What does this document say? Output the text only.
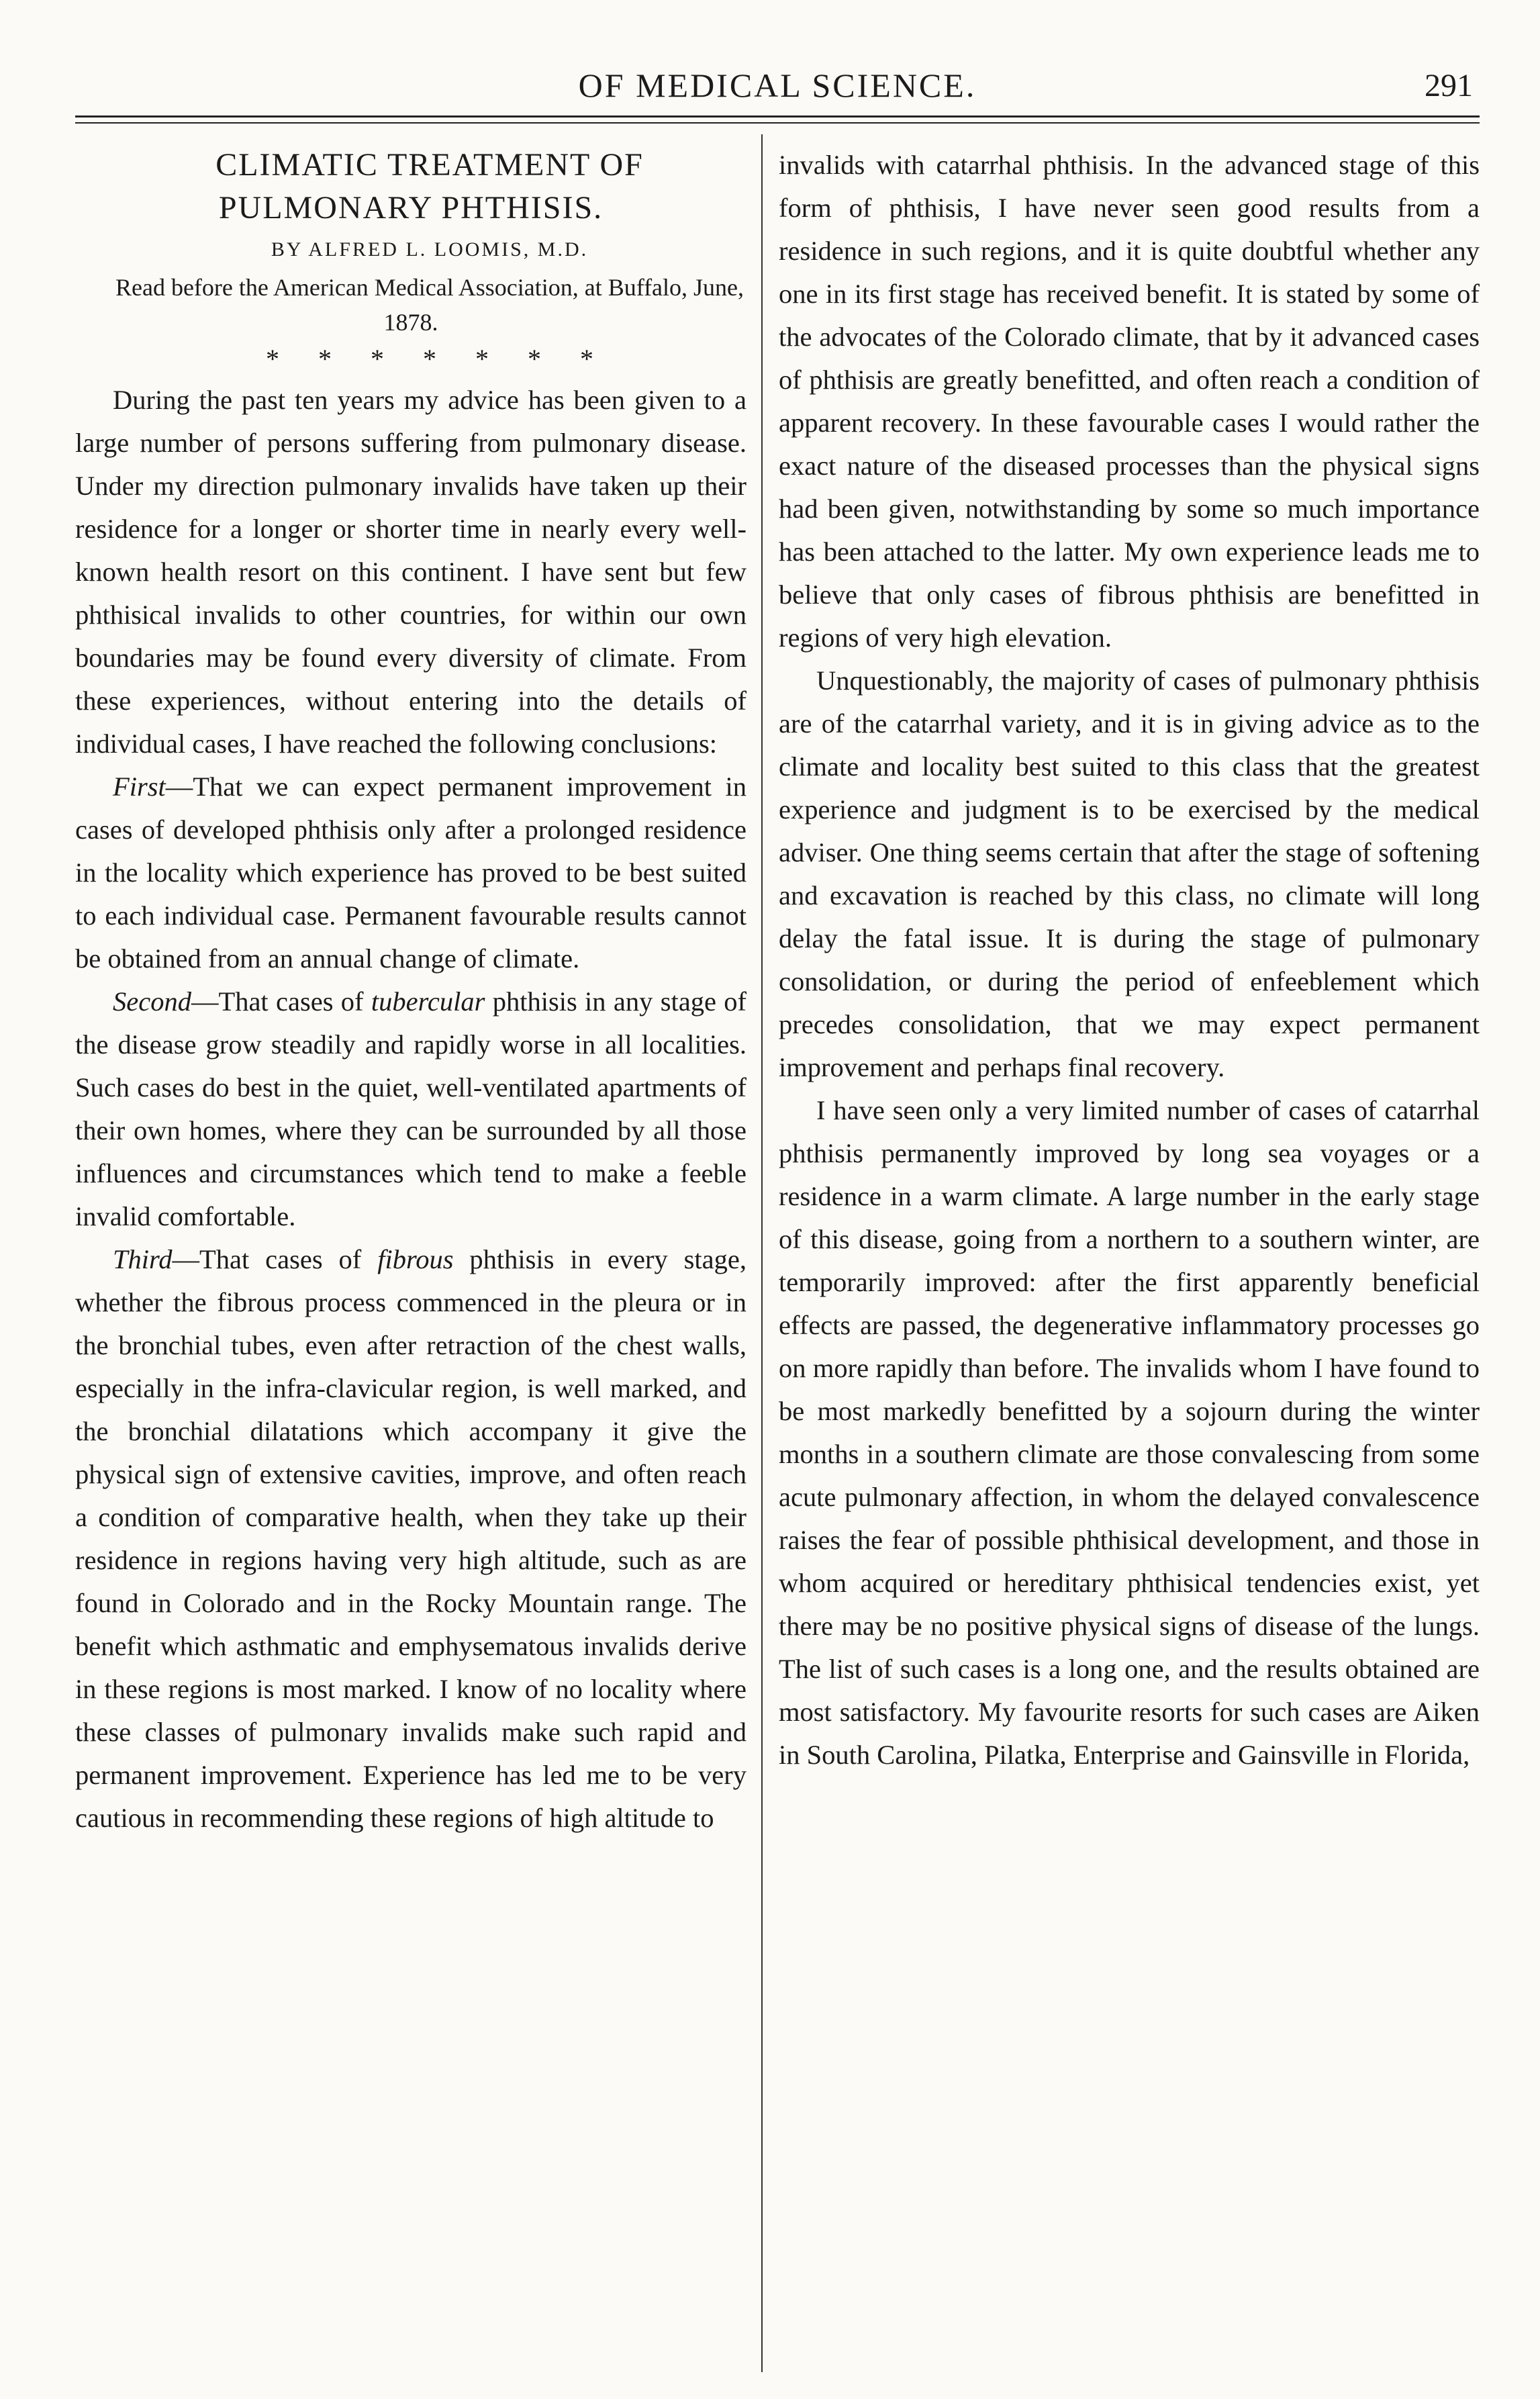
OF MEDICAL SCIENCE.	291

CLIMATIC TREATMENT OF PULMONARY PHTHISIS.

BY ALFRED L. LOOMIS, M.D.

Read before the American Medical Association, at Buffalo, June, 1878.

* * * * * * *

During the past ten years my advice has been given to a large number of persons suffering from pulmonary disease. Under my direction pulmonary invalids have taken up their residence for a longer or shorter time in nearly every well-known health resort on this continent. I have sent but few phthisical invalids to other countries, for within our own boundaries may be found every diversity of climate. From these experiences, without entering into the details of individual cases, I have reached the following conclusions:

First—That we can expect permanent improvement in cases of developed phthisis only after a prolonged residence in the locality which experience has proved to be best suited to each individual case. Permanent favourable results cannot be obtained from an annual change of climate.

Second—That cases of tubercular phthisis in any stage of the disease grow steadily and rapidly worse in all localities. Such cases do best in the quiet, well-ventilated apartments of their own homes, where they can be surrounded by all those influences and circumstances which tend to make a feeble invalid comfortable.

Third—That cases of fibrous phthisis in every stage, whether the fibrous process commenced in the pleura or in the bronchial tubes, even after retraction of the chest walls, especially in the infra-clavicular region, is well marked, and the bronchial dilatations which accompany it give the physical sign of extensive cavities, improve, and often reach a condition of comparative health, when they take up their residence in regions having very high altitude, such as are found in Colorado and in the Rocky Mountain range. The benefit which asthmatic and emphysematous invalids derive in these regions is most marked. I know of no locality where these classes of pulmonary invalids make such rapid and permanent improvement. Experience has led me to be very cautious in recommending these regions of high altitude to

invalids with catarrhal phthisis. In the advanced stage of this form of phthisis, I have never seen good results from a residence in such regions, and it is quite doubtful whether any one in its first stage has received benefit. It is stated by some of the advocates of the Colorado climate, that by it advanced cases of phthisis are greatly benefitted, and often reach a condition of apparent recovery. In these favourable cases I would rather the exact nature of the diseased processes than the physical signs had been given, notwithstanding by some so much importance has been attached to the latter. My own experience leads me to believe that only cases of fibrous phthisis are benefitted in regions of very high elevation.

Unquestionably, the majority of cases of pulmonary phthisis are of the catarrhal variety, and it is in giving advice as to the climate and locality best suited to this class that the greatest experience and judgment is to be exercised by the medical adviser. One thing seems certain that after the stage of softening and excavation is reached by this class, no climate will long delay the fatal issue. It is during the stage of pulmonary consolidation, or during the period of enfeeblement which precedes consolidation, that we may expect permanent improvement and perhaps final recovery.

I have seen only a very limited number of cases of catarrhal phthisis permanently improved by long sea voyages or a residence in a warm climate. A large number in the early stage of this disease, going from a northern to a southern winter, are temporarily improved: after the first apparently beneficial effects are passed, the degenerative inflammatory processes go on more rapidly than before. The invalids whom I have found to be most markedly benefitted by a sojourn during the winter months in a southern climate are those convalescing from some acute pulmonary affection, in whom the delayed convalescence raises the fear of possible phthisical development, and those in whom acquired or hereditary phthisical tendencies exist, yet there may be no positive physical signs of disease of the lungs. The list of such cases is a long one, and the results obtained are most satisfactory. My favourite resorts for such cases are Aiken in South Carolina, Pilatka, Enterprise and Gainsville in Florida,
